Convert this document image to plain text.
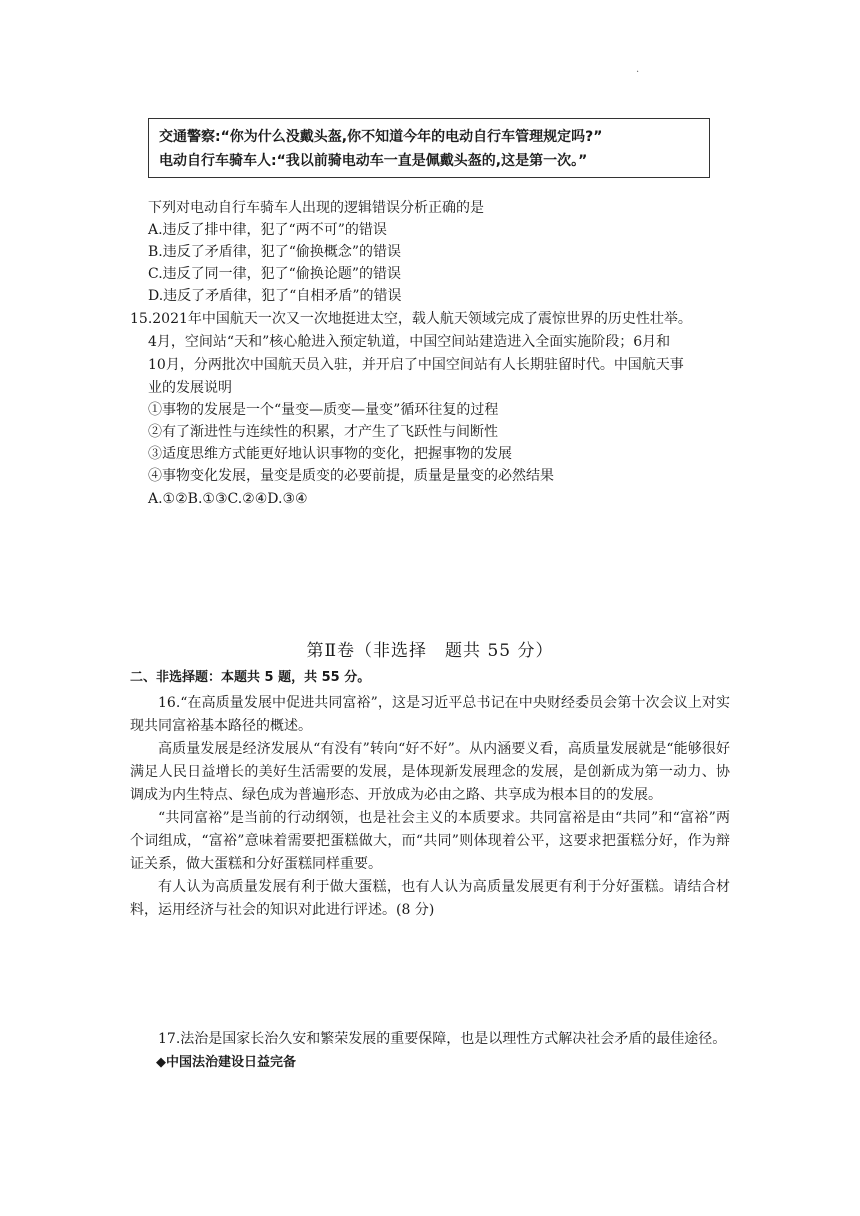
.

交通警察:“你为什么没戴头盔,你不知道今年的电动自行车管理规定吗?”

电动自行车骑车人:“我以前骑电动车一直是佩戴头盔的,这是第一次。”

下列对电动自行车骑车人出现的逻辑错误分析正确的是
A.违反了排中律，犯了“两不可”的错误
B.违反了矛盾律，犯了“偷换概念”的错误
C.违反了同一律，犯了“偷换论题”的错误
D.违反了矛盾律，犯了“自相矛盾”的错误
15.2021年中国航天一次又一次地挺进太空，载人航天领域完成了震惊世界的历史性壮举。
4月，空间站“天和”核心舱进入预定轨道，中国空间站建造进入全面实施阶段；6月和
10月，分两批次中国航天员入驻，并开启了中国空间站有人长期驻留时代。中国航天事
业的发展说明
①事物的发展是一个“量变—质变—量变”循环往复的过程
②有了渐进性与连续性的积累，才产生了飞跃性与间断性
③适度思维方式能更好地认识事物的变化，把握事物的发展
④事物变化发展，量变是质变的必要前提，质量是量变的必然结果
A.①②B.①③C.②④D.③④
第Ⅱ卷（非选择　题共 55 分）
二、非选择题：本题共 5 题，共 55 分。

16.“在高质量发展中促进共同富裕”，这是习近平总书记在中央财经委员会第十次会议上对实现共同富裕基本路径的概述。

高质量发展是经济发展从“有没有”转向“好不好”。从内涵要义看，高质量发展就是“能够很好满足人民日益增长的美好生活需要的发展，是体现新发展理念的发展，是创新成为第一动力、协调成为内生特点、绿色成为普遍形态、开放成为必由之路、共享成为根本目的的发展。

“共同富裕”是当前的行动纲领，也是社会主义的本质要求。共同富裕是由“共同”和“富裕”两个词组成，“富裕”意味着需要把蛋糕做大，而“共同”则体现着公平，这要求把蛋糕分好，作为辩证关系，做大蛋糕和分好蛋糕同样重要。

有人认为高质量发展有利于做大蛋糕，也有人认为高质量发展更有利于分好蛋糕。请结合材料，运用经济与社会的知识对此进行评述。(8 分)

17.法治是国家长治久安和繁荣发展的重要保障，也是以理性方式解决社会矛盾的最佳途径。

◆中国法治建设日益完备
